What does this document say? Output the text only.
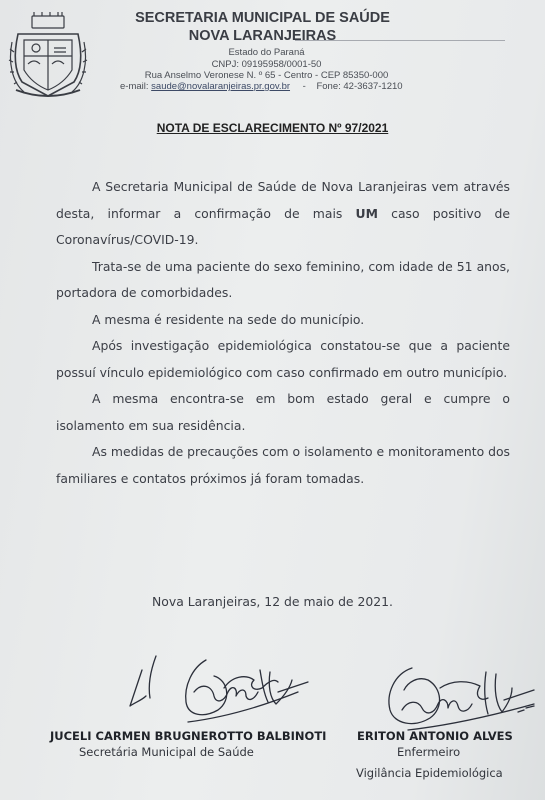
SECRETARIA MUNICIPAL DE SAÚDE
NOVA LARANJEIRAS
Estado do Paraná
CNPJ: 09195958/0001-50
Rua Anselmo Veronese N. º 65 - Centro - CEP 85350-000
e-mail: saude@novalaranjeiras.pr.gov.br - Fone: 42-3637-1210
NOTA DE ESCLARECIMENTO Nº 97/2021

A Secretaria Municipal de Saúde de Nova Laranjeiras vem através desta, informar a confirmação de mais UM caso positivo de Coronavírus/COVID-19.

Trata-se de uma paciente do sexo feminino, com idade de 51 anos, portadora de comorbidades.

A mesma é residente na sede do município.

Após investigação epidemiológica constatou-se que a paciente possuí vínculo epidemiológico com caso confirmado em outro município.

A mesma encontra-se em bom estado geral e cumpre o isolamento em sua residência.

As medidas de precauções com o isolamento e monitoramento dos familiares e contatos próximos já foram tomadas.

Nova Laranjeiras, 12 de maio de 2021.
JUCELI CARMEN BRUGNEROTTO BALBINOTI
Secretária Municipal de Saúde
ERITON ANTONIO ALVES
Enfermeiro
Vigilância Epidemiológica
